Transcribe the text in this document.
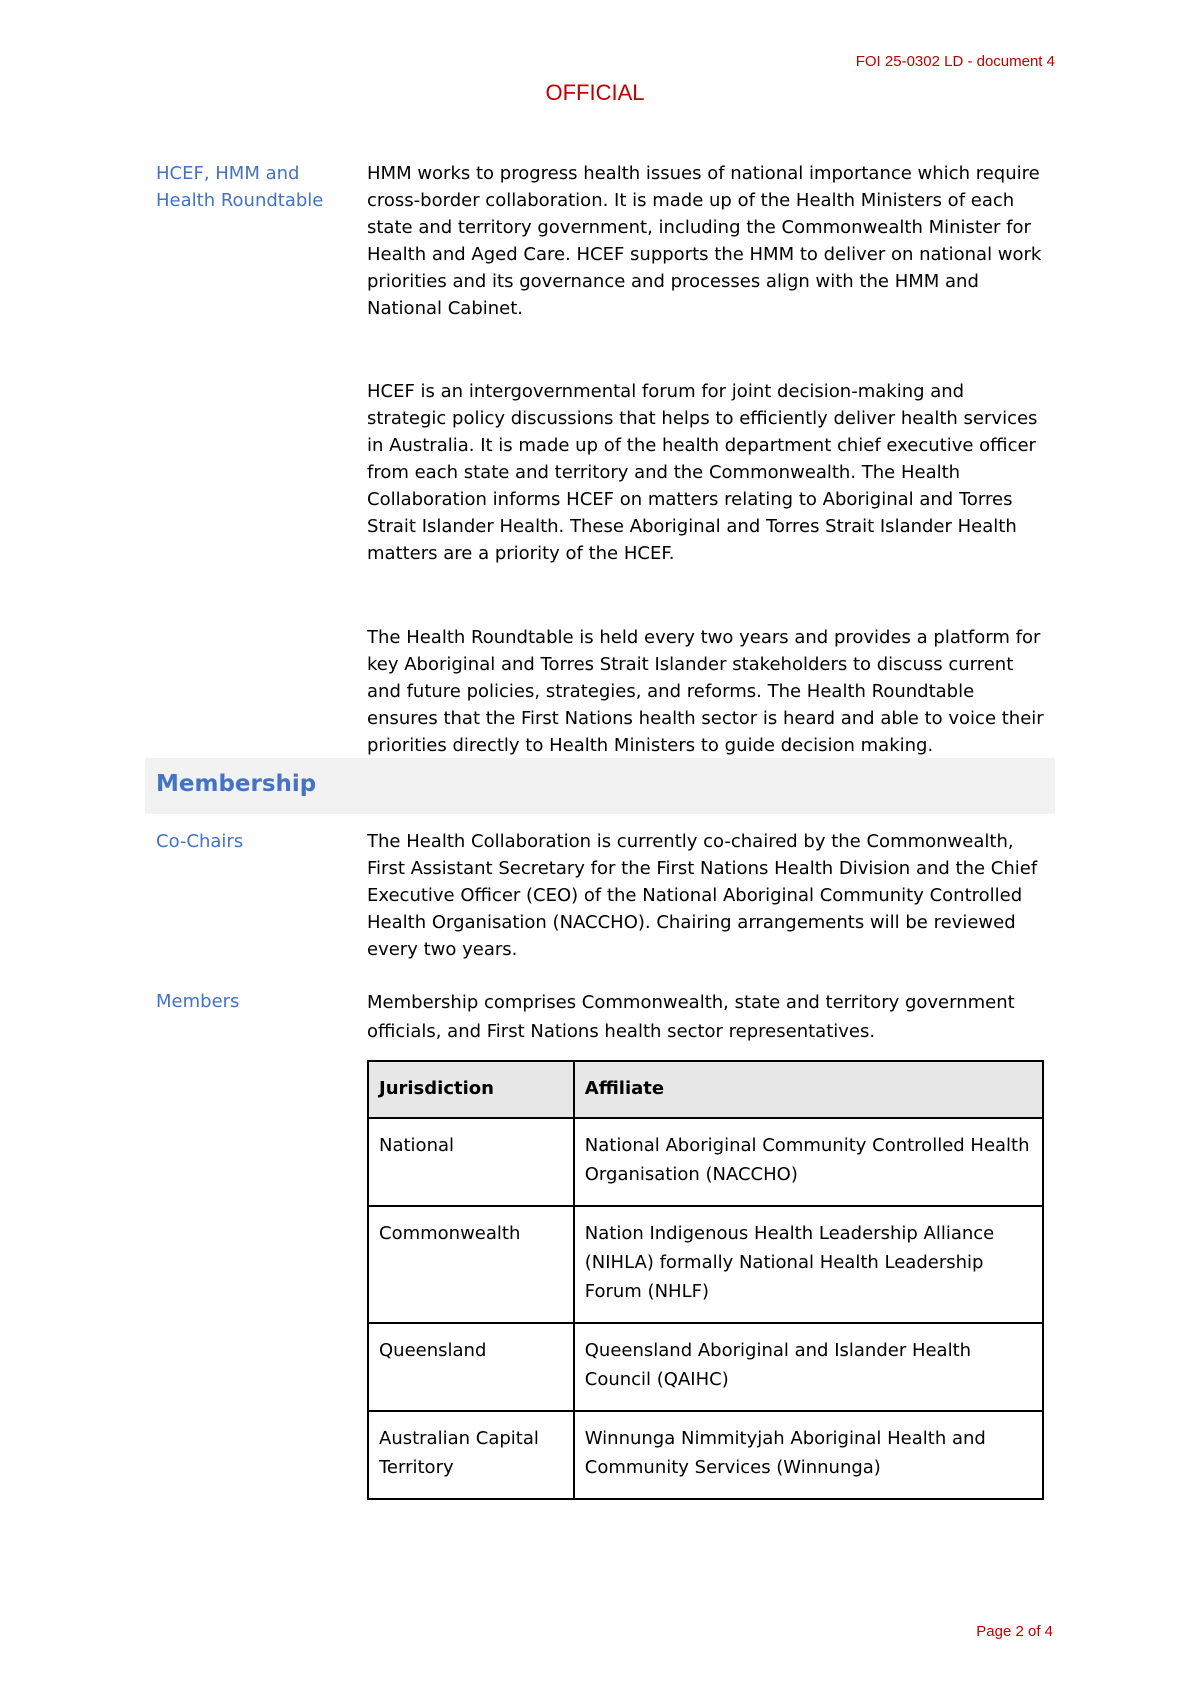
FOI 25-0302 LD - document 4
OFFICIAL
HCEF, HMM and Health Roundtable
HMM works to progress health issues of national importance which require cross-border collaboration. It is made up of the Health Ministers of each state and territory government, including the Commonwealth Minister for Health and Aged Care. HCEF supports the HMM to deliver on national work priorities and its governance and processes align with the HMM and National Cabinet.
HCEF is an intergovernmental forum for joint decision-making and strategic policy discussions that helps to efficiently deliver health services in Australia. It is made up of the health department chief executive officer from each state and territory and the Commonwealth. The Health Collaboration informs HCEF on matters relating to Aboriginal and Torres Strait Islander Health. These Aboriginal and Torres Strait Islander Health matters are a priority of the HCEF.
The Health Roundtable is held every two years and provides a platform for key Aboriginal and Torres Strait Islander stakeholders to discuss current and future policies, strategies, and reforms. The Health Roundtable ensures that the First Nations health sector is heard and able to voice their priorities directly to Health Ministers to guide decision making.
Membership
Co-Chairs	The Health Collaboration is currently co-chaired by the Commonwealth, First Assistant Secretary for the First Nations Health Division and the Chief Executive Officer (CEO) of the National Aboriginal Community Controlled Health Organisation (NACCHO). Chairing arrangements will be reviewed every two years.
Members	Membership comprises Commonwealth, state and territory government officials, and First Nations health sector representatives.
Jurisdiction	Affiliate
National	National Aboriginal Community Controlled Health Organisation (NACCHO)
Commonwealth	Nation Indigenous Health Leadership Alliance (NIHLA) formally National Health Leadership Forum (NHLF)
Queensland	Queensland Aboriginal and Islander Health Council (QAIHC)
Australian Capital Territory	Winnunga Nimmityjah Aboriginal Health and Community Services (Winnunga)
Page 2 of 4
